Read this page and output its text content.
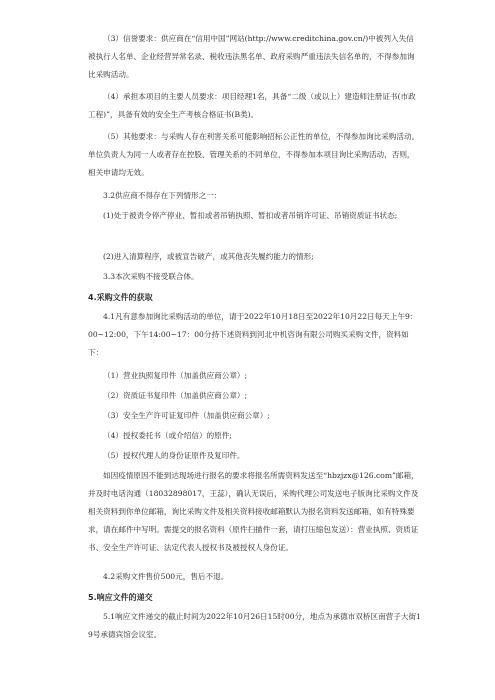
（3）信誉要求：供应商在“信用中国”网站(http://www.creditchina.gov.cn/)中被列入失信被执行人名单、企业经营异常名录、税收违法黑名单、政府采购严重违法失信名单的，不得参加询比采购活动。

（4）承担本项目的主要人员要求：项目经理1名，具备“二级（或以上）建造师注册证书(市政工程)”，具备有效的安全生产考核合格证书(B类)。

（5）其他要求：与采购人存在利害关系可能影响招标公正性的单位，不得参加询比采购活动。单位负责人为同一人或者存在控股、管理关系的不同单位，不得参加本项目询比采购活动，否则，相关申请均无效。

3.2供应商不得存在下列情形之一：

(1)处于被责令停产停业、暂扣或者吊销执照、暂扣或者吊销许可证、吊销资质证书状态;

(2)进入清算程序，或被宣告破产，或其他丧失履约能力的情形;

3.3本次采购不接受联合体。

4.采购文件的获取

4.1凡有意参加询比采购活动的单位，请于2022年10月18日至2022年10月22日每天上午9：00~12:00，下午14:00~17：00分持下述资料到河北中机咨询有限公司购买采购文件，资料如下：

（1）营业执照复印件（加盖供应商公章）;

（2）资质证书复印件（加盖供应商公章）;

（3）安全生产许可证复印件（加盖供应商公章）;

（4）授权委托书（或介绍信）的原件;

（5）授权代理人的身份证原件及复印件。

如因疫情原因不能到达现场进行报名的要求将报名所需资料发送至“hbzjzx@126.com”邮箱，并及时电话沟通（18032898017，王蕊），确认无误后，采购代理公司发送电子版询比采购文件及相关资料到你单位邮箱，询比采购文件及相关资料接收邮箱默认为报名资料发送邮箱，如有特殊要求，请在邮件中写明。需提交的报名资料（原件扫描件一套，请打压缩包发送）：营业执照、资质证书、安全生产许可证、法定代表人授权书及被授权人身份证。

4.2采购文件售价500元，售后不退。

5.响应文件的递交

5.1响应文件递交的截止时间为2022年10月26日15时00分，地点为承德市双桥区南营子大街19号承德宾馆会议室。
